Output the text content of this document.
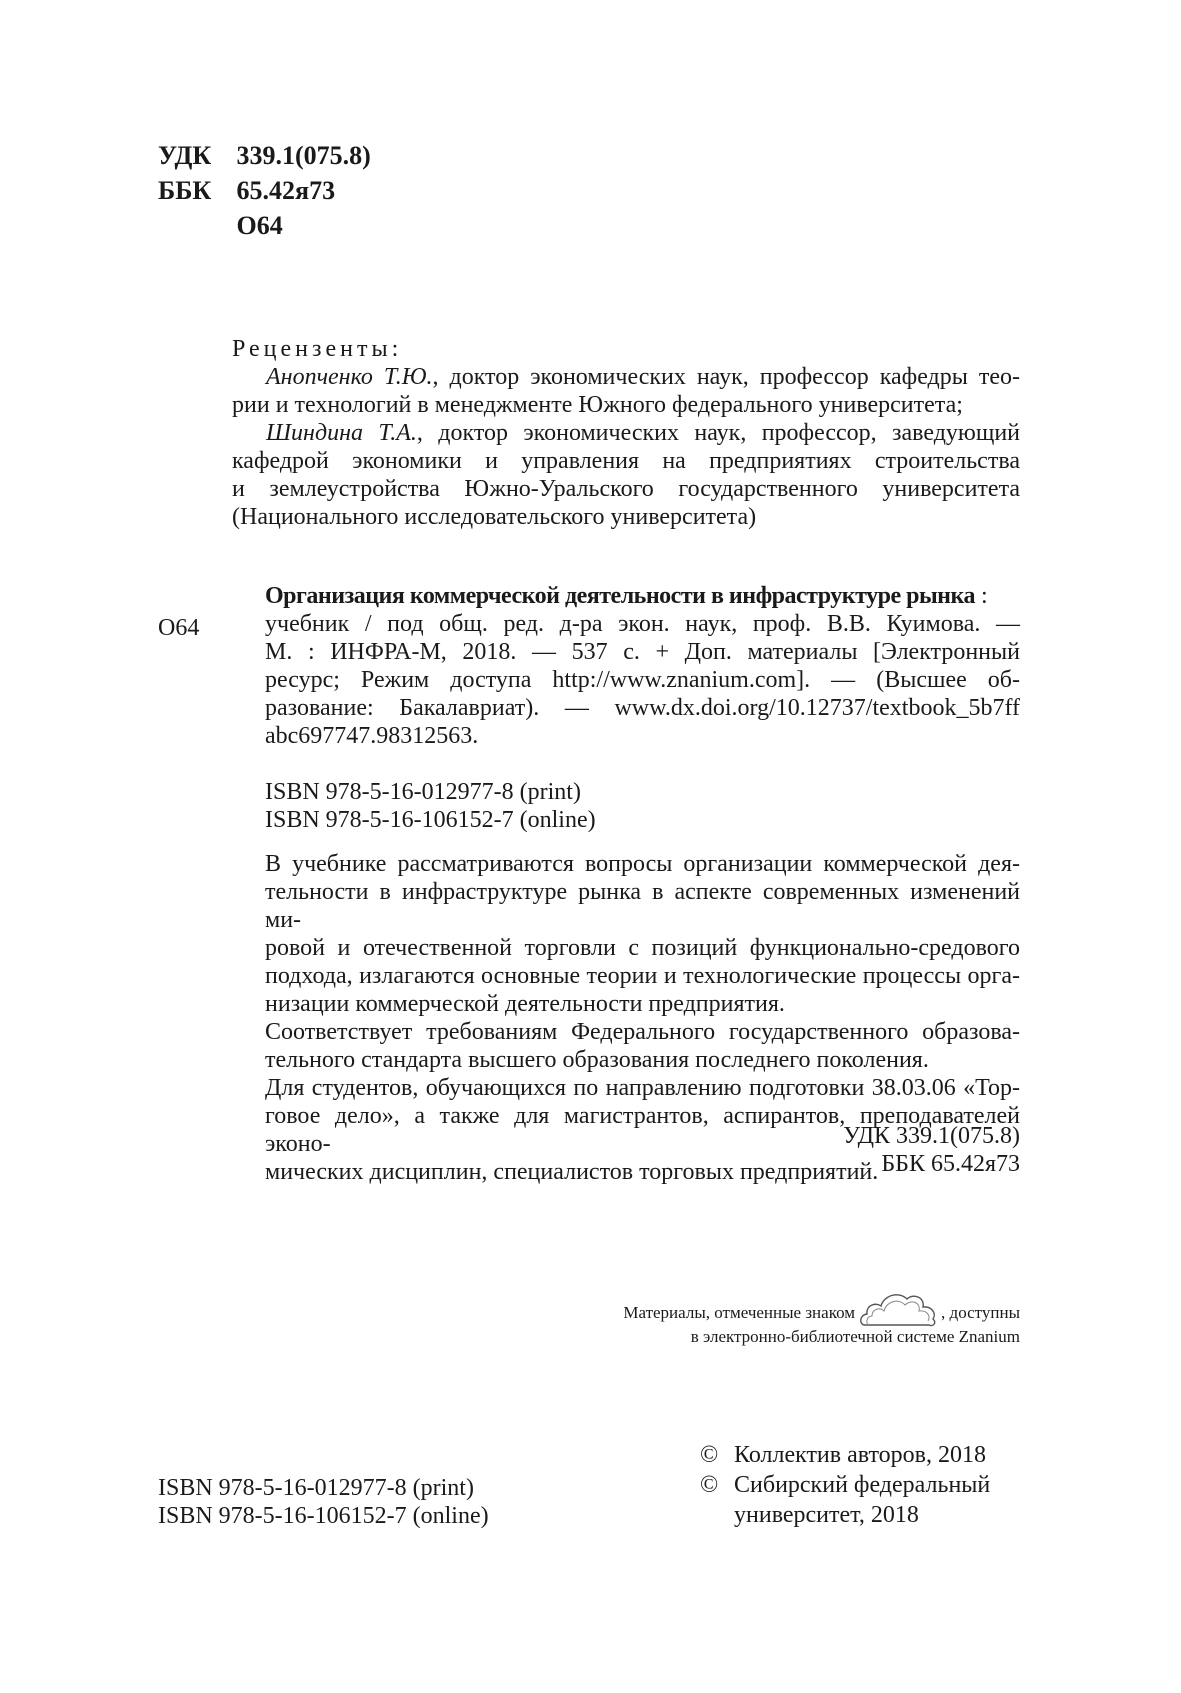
УДК 339.1(075.8)
ББК 65.42я73
О64
Рецензенты:
Анопченко Т.Ю., доктор экономических наук, профессор кафедры тео-
рии и технологий в менеджменте Южного федерального университета;
Шиндина Т.А., доктор экономических наук, профессор, заведующий
кафедрой экономики и управления на предприятиях строительства
и землеустройства Южно-Уральского государственного университета
(Национального исследовательского университета)
О64
Организация коммерческой деятельности в инфраструктуре рынка :
учебник / под общ. ред. д-ра экон. наук, проф. В.В. Куимова. —
М. : ИНФРА-М, 2018. — 537 с. + Доп. материалы [Электронный
ресурс; Режим доступа http://www.znanium.com]. — (Высшее об-
разование: Бакалавриат). — www.dx.doi.org/10.12737/textbook_5b7ff
abc697747.98312563.
ISBN 978-5-16-012977-8 (print)
ISBN 978-5-16-106152-7 (online)
В учебнике рассматриваются вопросы организации коммерческой дея-
тельности в инфраструктуре рынка в аспекте современных изменений ми-
ровой и отечественной торговли с позиций функционально-средового
подхода, излагаются основные теории и технологические процессы орга-
низации коммерческой деятельности предприятия.
Соответствует требованиям Федерального государственного образова-
тельного стандарта высшего образования последнего поколения.
Для студентов, обучающихся по направлению подготовки 38.03.06 «Тор-
говое дело», а также для магистрантов, аспирантов, преподавателей эконо-
мических дисциплин, специалистов торговых предприятий.
УДК 339.1(075.8)
ББК 65.42я73
Материалы, отмеченные знаком	, доступны
в электронно-библиотечной системе Znanium
ISBN 978-5-16-012977-8 (print)
ISBN 978-5-16-106152-7 (online)
© Коллектив авторов, 2018
© Сибирский федеральный
университет, 2018
